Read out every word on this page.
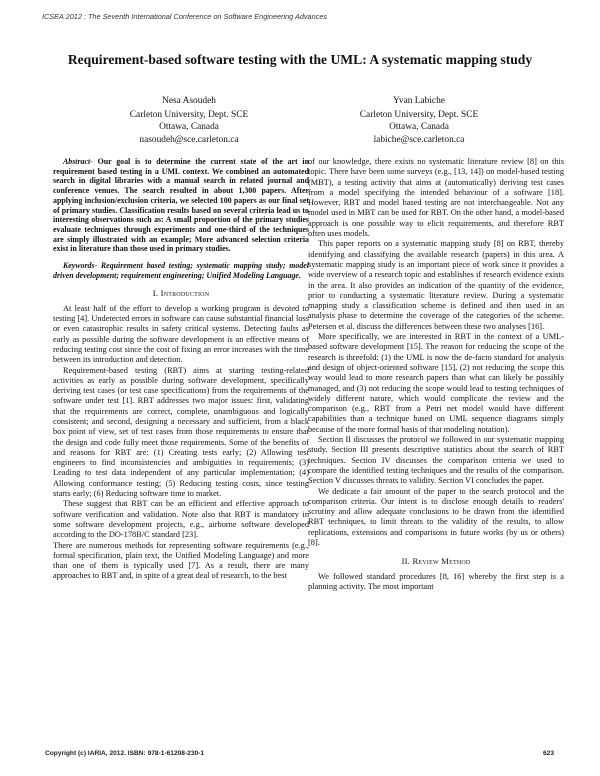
ICSEA 2012 : The Seventh International Conference on Software Engineering Advances
Requirement-based software testing with the UML: A systematic mapping study
Nesa Asoudeh
Carleton University, Dept. SCE
Ottawa, Canada
nasoudeh@sce.carleton.ca
Yvan Labiche
Carleton University, Dept. SCE
Ottawa, Canada
labiche@sce.carleton.ca

Abstract- Our goal is to determine the current state of the art in requirement based testing in a UML context. We combined an automated search in digital libraries with a manual search in related journal and conference venues. The search resulted in about 1,300 papers. After applying inclusion/exclusion criteria, we selected 100 papers as our final set of primary studies. Classification results based on several criteria lead us to interesting observations such as: A small proportion of the primary studies evaluate techniques through experiments and one-third of the techniques are simply illustrated with an example; More advanced selection criteria exist in literature than those used in primary studies.

Keywords- Requirement based testing; systematic mapping study; model driven development; requirement engineering; Unified Modeling Language.

I. Introduction

At least half of the effort to develop a working program is devoted to testing [4]. Undetected errors in software can cause substantial financial loss or even catastrophic results in safety critical systems. Detecting faults as early as possible during the software development is an effective means of reducing testing cost since the cost of fixing an error increases with the time between its introduction and detection.

Requirement-based testing (RBT) aims at starting testing-related activities as early as possible during software development, specifically deriving test cases (or test case specifications) from the requirements of the software under test [1]. RBT addresses two major issues: first, validating that the requirements are correct, complete, unambiguous and logically consistent; and second, designing a necessary and sufficient, from a black box point of view, set of test cases from those requirements to ensure that the design and code fully meet those requirements. Some of the benefits of and reasons for RBT are: (1) Creating tests early; (2) Allowing test engineers to find inconsistencies and ambiguities in requirements; (3) Leading to test data independent of any particular implementation; (4) Allowing conformance testing; (5) Reducing testing costs, since testing starts early; (6) Reducing software time to market.

These suggest that RBT can be an efficient and effective approach to software verification and validation. Note also that RBT is mandatory in some software development projects, e.g., airborne software developed according to the DO-178B/C standard [23].

There are numerous methods for representing software requirements (e.g., formal specification, plain text, the Unified Modeling Language) and more than one of them is typically used [7]. As a result, there are many approaches to RBT and, in spite of a great deal of research, to the best

of our knowledge, there exists no systematic literature review [8] on this topic. There have been some surveys (e.g., [13, 14]) on model-based testing (MBT), a testing activity that aims at (automatically) deriving test cases from a model specifying the intended behaviour of a software [18]. However, RBT and model based testing are not interchangeable. Not any model used in MBT can be used for RBT. On the other hand, a model-based approach is one possible way to elicit requirements, and therefore RBT often uses models.

This paper reports on a systematic mapping study [8] on RBT, thereby identifying and classifying the available research (papers) in this area. A systematic mapping study is an important piece of work since it provides a wide overview of a research topic and establishes if research evidence exists in the area. It also provides an indication of the quantity of the evidence, prior to conducting a systematic literature review. During a systematic mapping study a classification scheme is defined and then used in an analysis phase to determine the coverage of the categories of the scheme. Petersen et al. discuss the differences between these two analyses [16].

More specifically, we are interested in RBT in the context of a UML-based software development [15]. The reason for reducing the scope of the research is threefold: (1) the UML is now the de-facto standard for analysis and design of object-oriented software [15], (2) not reducing the scope this way would lead to more research papers than what can likely be possibly managed, and (3) not reducing the scope would lead to testing techniques of widely different nature, which would complicate the review and the comparison (e.g., RBT from a Petri net model would have different capabilities than a technique based on UML sequence diagrams simply because of the more formal basis of that modeling notation).

Section II discusses the protocol we followed in our systematic mapping study. Section III presents descriptive statistics about the search of RBT techniques. Section IV discusses the comparison criteria we used to compare the identified testing techniques and the results of the comparison. Section V discusses threats to validity. Section VI concludes the paper.

We dedicate a fair amount of the paper to the search protocol and the comparison criteria. Our intent is to disclose enough details to readers' scrutiny and allow adequate conclusions to be drawn from the identified RBT techniques, to limit threats to the validity of the results, to allow replications, extensions and comparisons in future works (by us or others) [8].

II. Review Method

We followed standard procedures [8, 16] whereby the first step is a planning activity. The most important

Copyright (c) IARIA, 2012. ISBN: 978-1-61208-230-1	623
